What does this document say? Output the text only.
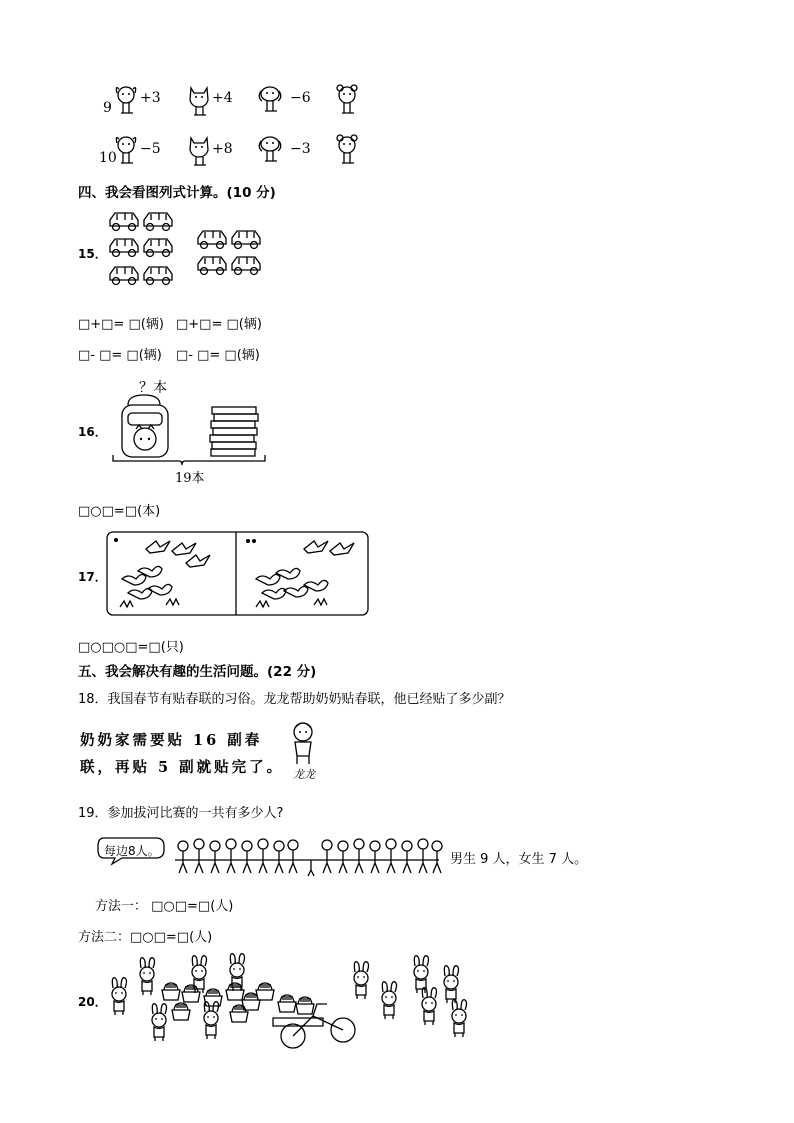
9
+3	+4	−6
10
−5	+8	−3
四、我会看图列式计算。(10 分)
15．
□+□= □(辆) □+□= □(辆)
□- □= □(辆) □- □= □(辆)
16．
？本
19本
□○□=□(本)
17．
□○□○□=□(只)
五、我会解决有趣的生活问题。(22 分)
18．我国春节有贴春联的习俗。龙龙帮助奶奶贴春联，他已经贴了多少副？
奶奶家需要贴 16 副春
联，再贴 5 副就贴完了。 龙龙
19．参加拔河比赛的一共有多少人?
每边8人。
男生 9 人，女生 7 人。
方法一： □○□=□(人)
方法二：□○□=□(人)
20．
